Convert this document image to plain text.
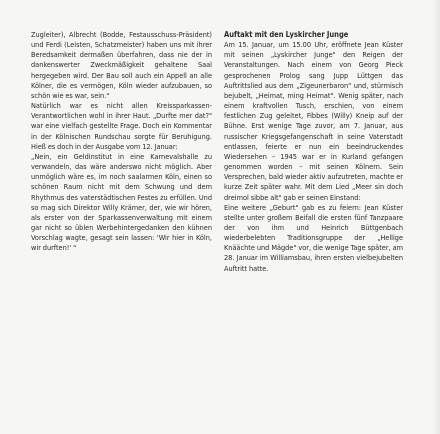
Zugleiter), Albrecht (Bodde, Festausschuss-Präsident) und Ferdi (Leisten, Schatzmeister) haben uns mit ihrer Beredsamkeit dermaßen überfahren, dass nie der in dankenswerter Zweckmäßigkeit gehaltene Saal hergegeben wird. Der Bau soll auch ein Appell an alle Kölner, die es vermögen, Köln wieder aufzubauen, so schön wie es war, sein."

Natürlich war es nicht allen Kreissparkassen-Verantwortlichen wohl in ihrer Haut. „Durfte mer dat?" war eine vielfach gestellte Frage. Doch ein Kommentar in der Kölnischen Rundschau sorgte für Beruhigung. Hieß es doch in der Ausgabe vom 12. Januar:

„Nein, ein Geldinstitut in eine Karnevalshalle zu verwandeln, das wäre anderswo nicht möglich. Aber unmöglich wäre es, im noch saalarmen Köln, einen so schönen Raum nicht mit dem Schwung und dem Rhythmus des vaterstädtischen Festes zu erfüllen. Und so mag sich Direktor Willy Krämer, der, wie wir hören, als erster von der Sparkassenverwaltung mit einem gar nicht so üblen Werbehintergedanken den kühnen Vorschlag wagte, gesagt sein lassen: 'Wir hier in Köln, wir durften!' "

Auftakt mit den Lyskircher Junge

Am 15. Januar, um 15.00 Uhr, eröffnete Jean Küster mit seinen „Lyskircher Junge" den Reigen der Veranstaltungen. Nach einem von Georg Pieck gesprochenen Prolog sang Jupp Lüttgen das Auftrittslied aus dem „Zigeunerbaron" und, stürmisch bejubelt, „Heimat, ming Heimat". Wenig später, nach einem kraftvollen Tusch, erschien, von einem festlichen Zug geleitet, Fibbes (Willy) Kneip auf der Bühne. Erst wenige Tage zuvor, am 7. Januar, aus russischer Kriegsgefangenschaft in seine Vaterstadt entlassen, feierte er nun ein beeindruckendes Wiedersehen – 1945 war er in Kurland gefangen genommen worden – mit seinen Kölnern. Sein Versprechen, bald wieder aktiv aufzutreten, machte er kurze Zeit später wahr. Mit dem Lied „Meer sin doch dreimol sibbe alt" gab er seinen Einstand:

Eine weitere „Geburt" gab es zu feiern: Jean Küster stellte unter großem Beifall die ersten fünf Tanzpaare der von ihm und Heinrich Büttgenbach wiederbelebten Traditionsgruppe der „Hellige Knäächte und Mägde" vor, die wenige Tage später, am 28. Januar im Williamsbau, ihren ersten vielbejubelten Auftritt hatte.
